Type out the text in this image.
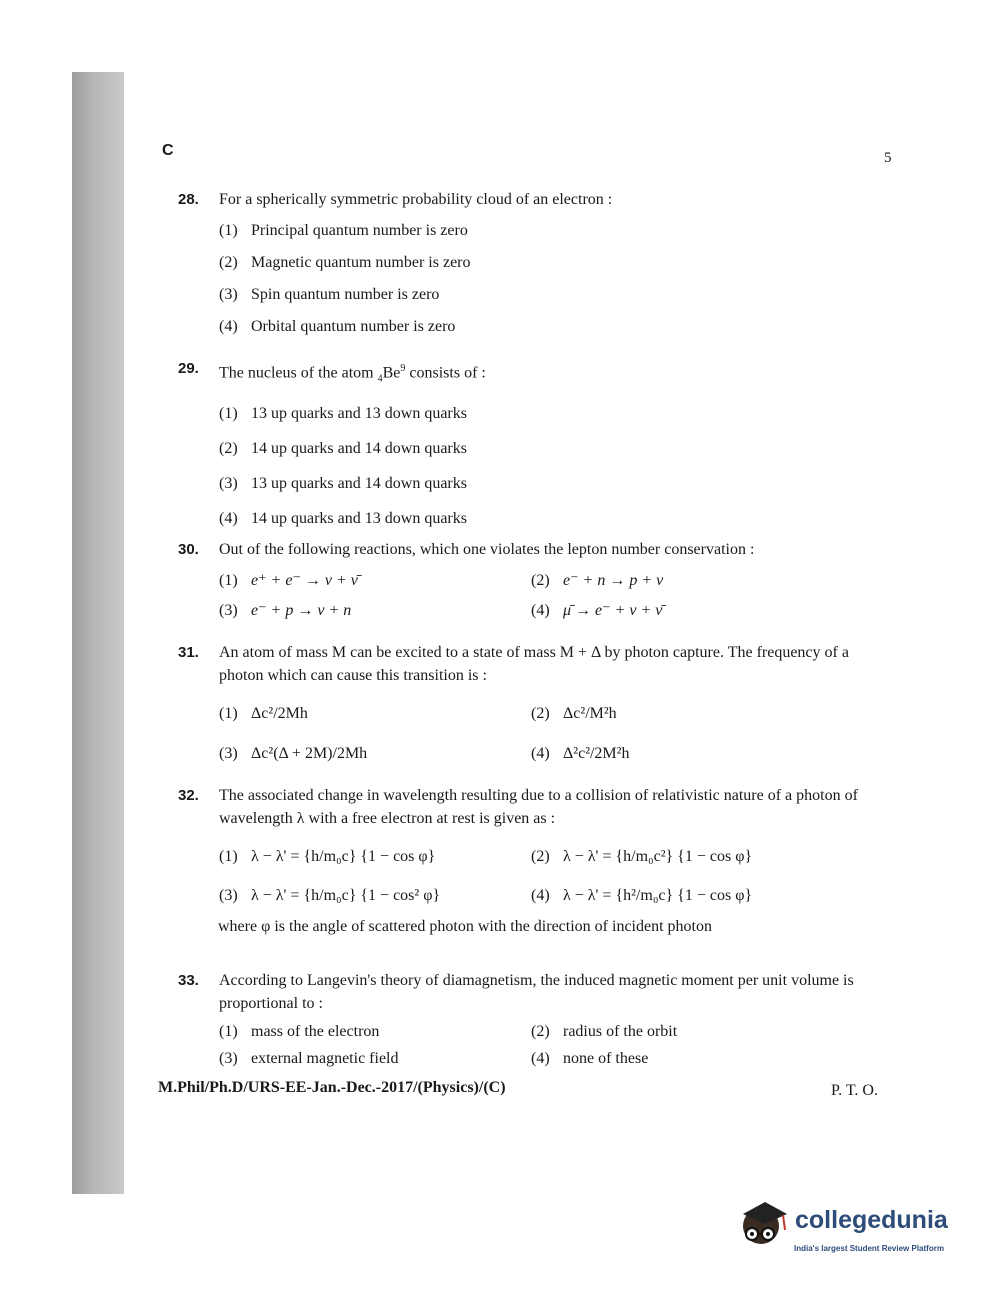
C	5
28. For a spherically symmetric probability cloud of an electron :
(1) Principal quantum number is zero
(2) Magnetic quantum number is zero
(3) Spin quantum number is zero
(4) Orbital quantum number is zero
29. The nucleus of the atom $_4Be^9$ consists of :
(1) 13 up quarks and 13 down quarks
(2) 14 up quarks and 14 down quarks
(3) 13 up quarks and 14 down quarks
(4) 14 up quarks and 13 down quarks
30. Out of the following reactions, which one violates the lepton number conservation :
(1) e⁺ + e⁻ → ν + ν̄	(2) e⁻ + n → p + ν
(3) e⁻ + p → ν + n	(4) μ̄ → e⁻ + ν + ν̄
31. An atom of mass M can be excited to a state of mass M + Δ by photon capture. The frequency of a photon which can cause this transition is :
(1) Δc²/2Mh	(2) Δc²/M²h
(3) Δc²(Δ + 2M)/2Mh	(4) Δ²c²/2M²h
32. The associated change in wavelength resulting due to a collision of relativistic nature of a photon of wavelength λ with a free electron at rest is given as :
(1) λ − λ' = {h/m₀c} {1 − cos φ}	(2) λ − λ' = {h/m₀c²} {1 − cos φ}
(3) λ − λ' = {h/m₀c} {1 − cos² φ}	(4) λ − λ' = {h²/m₀c} {1 − cos φ}
where φ is the angle of scattered photon with the direction of incident photon
33. According to Langevin's theory of diamagnetism, the induced magnetic moment per unit volume is proportional to :
(1) mass of the electron	(2) radius of the orbit
(3) external magnetic field	(4) none of these
M.Phil/Ph.D/URS-EE-Jan.-Dec.-2017/(Physics)/(C)	P. T. O.
collegedunia
India's largest Student Review Platform
